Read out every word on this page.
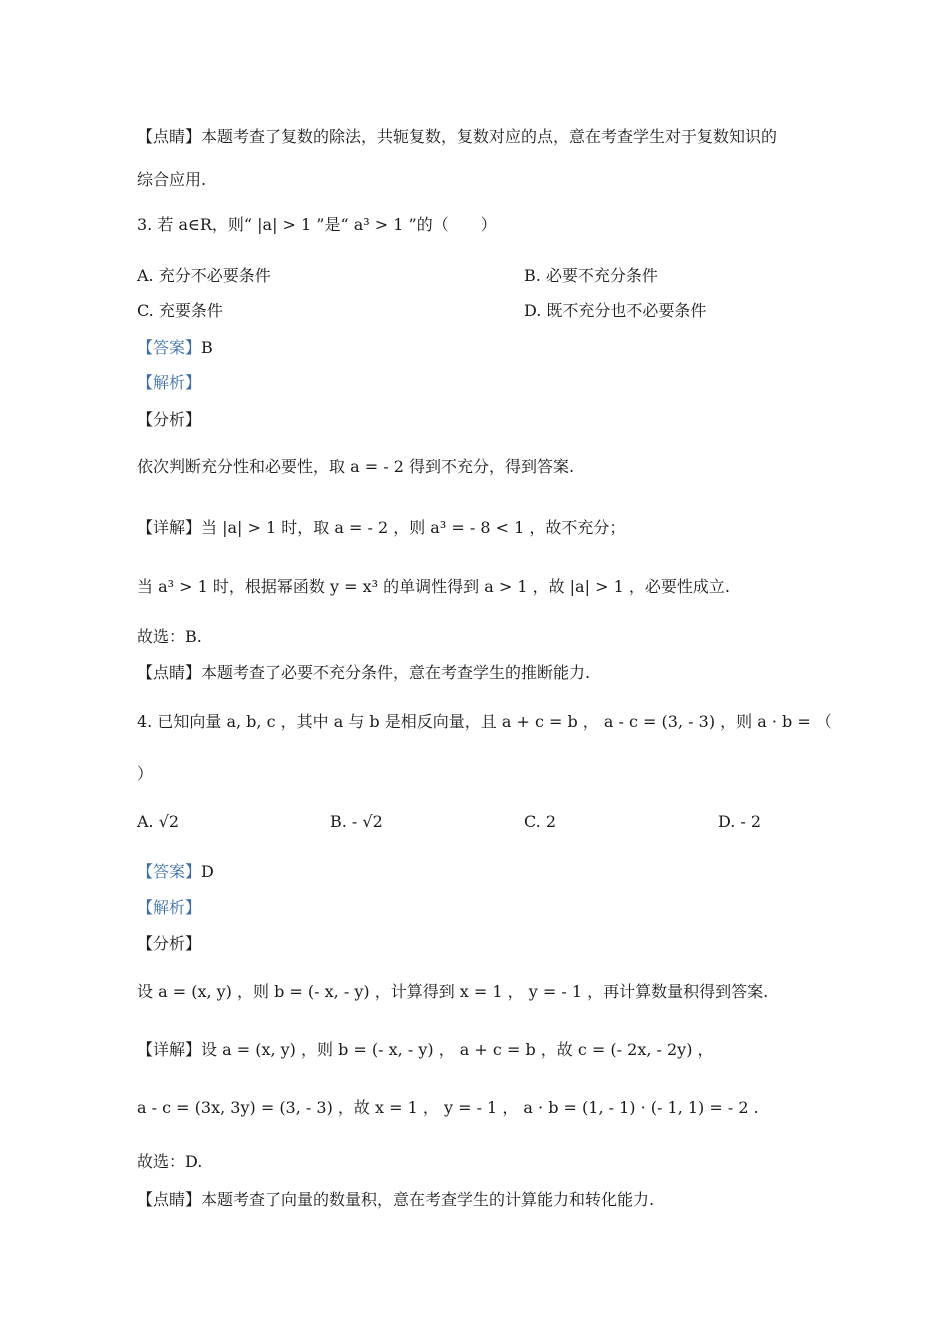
【点睛】本题考查了复数的除法，共轭复数，复数对应的点，意在考查学生对于复数知识的
综合应用.
3. 若 a∈R，则“ |a| > 1 ”是“ a³ > 1 ”的（　　）
A. 充分不必要条件	B. 必要不充分条件
C. 充要条件	D. 既不充分也不必要条件
【答案】B
【解析】
【分析】
依次判断充分性和必要性，取 a = - 2 得到不充分，得到答案.
【详解】当 |a| > 1 时，取 a = - 2 ，则 a³ = - 8 < 1 ，故不充分；
当 a³ > 1 时，根据幂函数 y = x³ 的单调性得到 a > 1 ，故 |a| > 1 ，必要性成立.
故选：B.
【点睛】本题考查了必要不充分条件，意在考查学生的推断能力.
4. 已知向量 a, b, c ，其中 a 与 b 是相反向量，且 a + c = b ， a - c = (3, - 3) ，则 a · b = （
）
A. √2	B. - √2	C. 2	D. - 2
【答案】D
【解析】
【分析】
设 a = (x, y) ，则 b = (- x, - y) ，计算得到 x = 1 ， y = - 1 ，再计算数量积得到答案.
【详解】设 a = (x, y) ，则 b = (- x, - y) ， a + c = b ，故 c = (- 2x, - 2y) ，
a - c = (3x, 3y) = (3, - 3) ，故 x = 1 ， y = - 1 ， a · b = (1, - 1) · (- 1, 1) = - 2 .
故选：D.
【点睛】本题考查了向量的数量积，意在考查学生的计算能力和转化能力.
